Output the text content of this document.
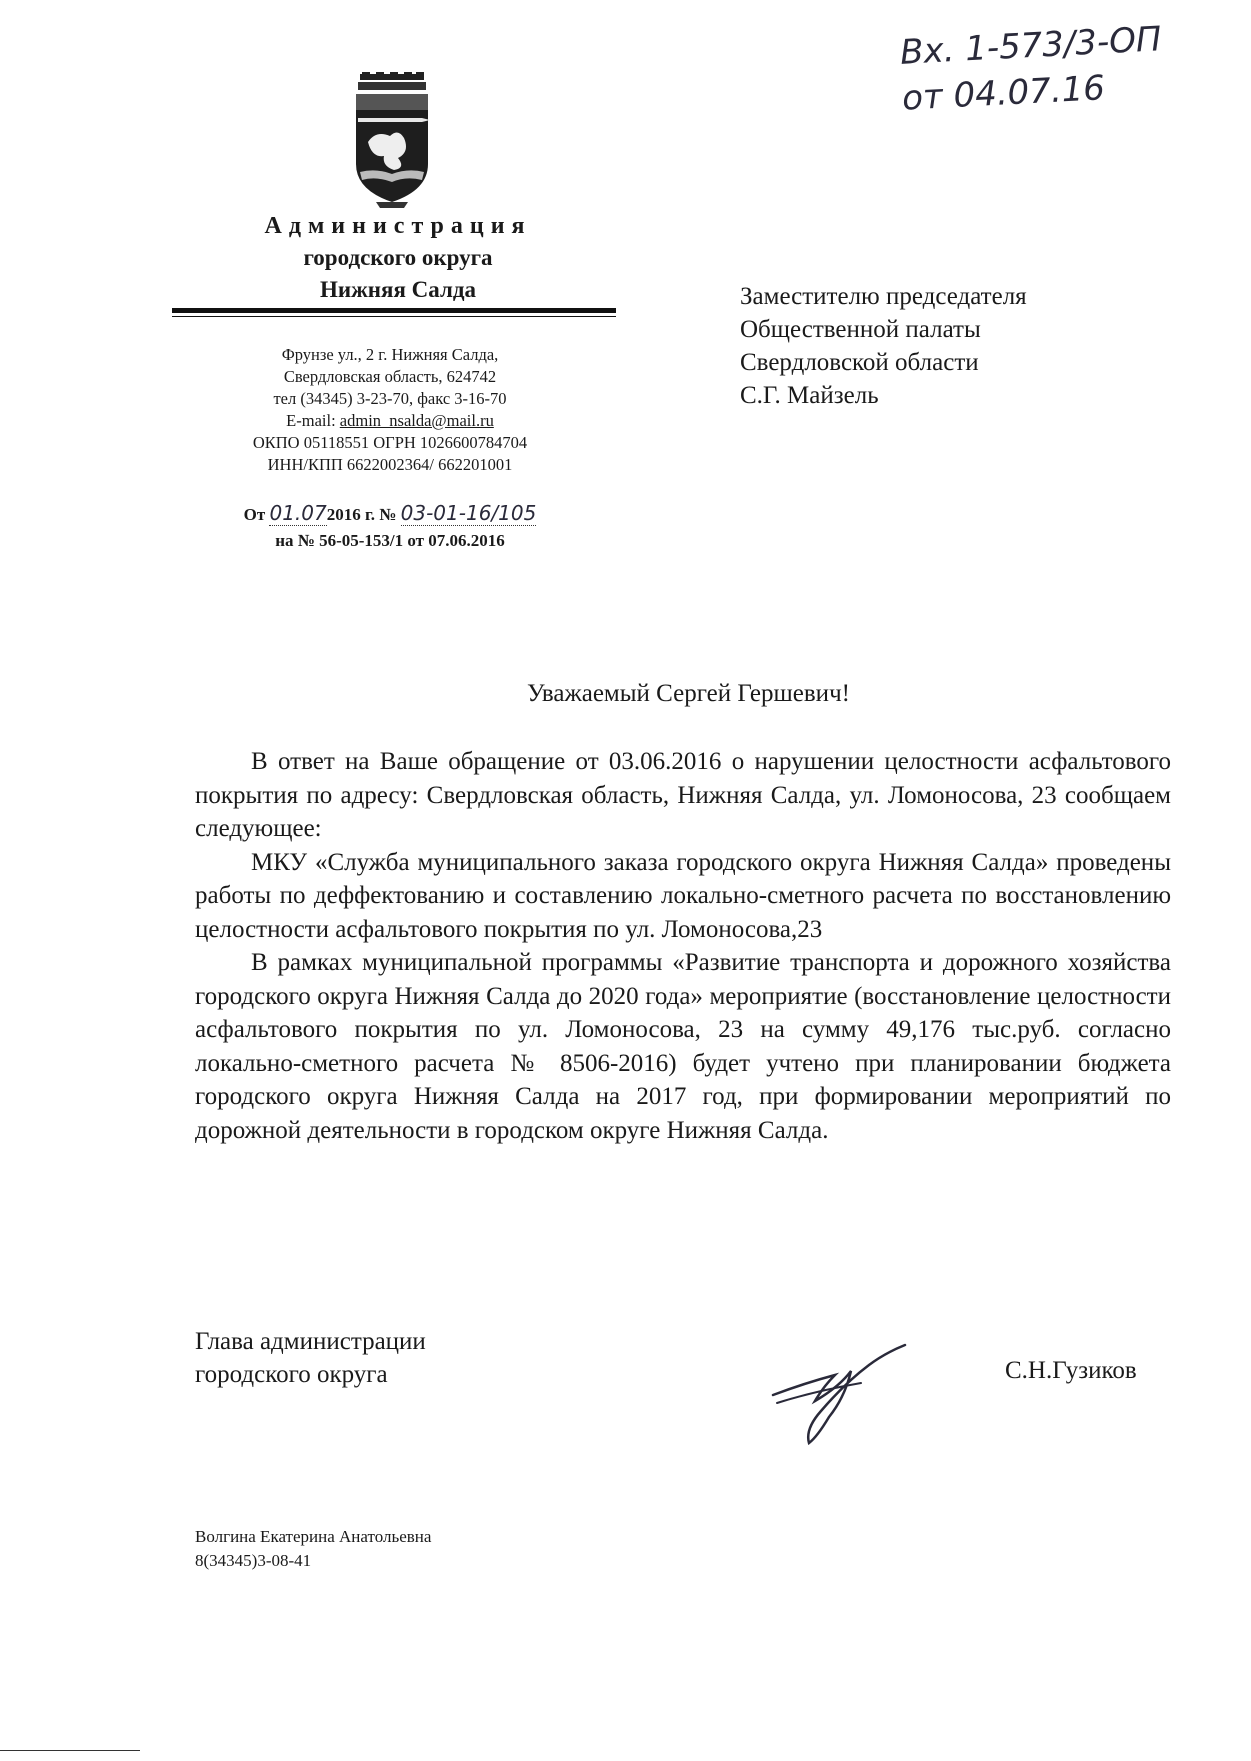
Вх. 1-573/3-ОП
от 04.07.16
Администрация
городского округа
Нижняя Салда
Фрунзе ул., 2 г. Нижняя Салда,
Свердловская область, 624742
тел (34345) 3-23-70, факс 3-16-70
E-mail: admin_nsalda@mail.ru
ОКПО 05118551 ОГРН 1026600784704
ИНН/КПП 6622002364/ 662201001
От 01.072016 г. № 03-01-16/105
на № 56-05-153/1 от 07.06.2016
Заместителю председателя
Общественной палаты
Свердловской области
С.Г. Майзель
Уважаемый Сергей Гершевич!

В ответ на Ваше обращение от 03.06.2016 о нарушении целостности асфальтового покрытия по адресу: Свердловская область, Нижняя Салда, ул. Ломоносова, 23 сообщаем следующее:

МКУ «Служба муниципального заказа городского округа Нижняя Салда» проведены работы по деффектованию и составлению локально-сметного расчета по восстановлению целостности асфальтового покрытия по ул. Ломоносова,23

В рамках муниципальной программы «Развитие транспорта и дорожного хозяйства городского округа Нижняя Салда до 2020 года» мероприятие (восстановление целостности асфальтового покрытия по ул. Ломоносова, 23 на сумму 49,176 тыс.руб. согласно локально-сметного расчета № 8506-2016) будет учтено при планировании бюджета городского округа Нижняя Салда на 2017 год, при формировании мероприятий по дорожной деятельности в городском округе Нижняя Салда.

Глава администрации
городского округа	С.Н.Гузиков
Волгина Екатерина Анатольевна
8(34345)3-08-41
